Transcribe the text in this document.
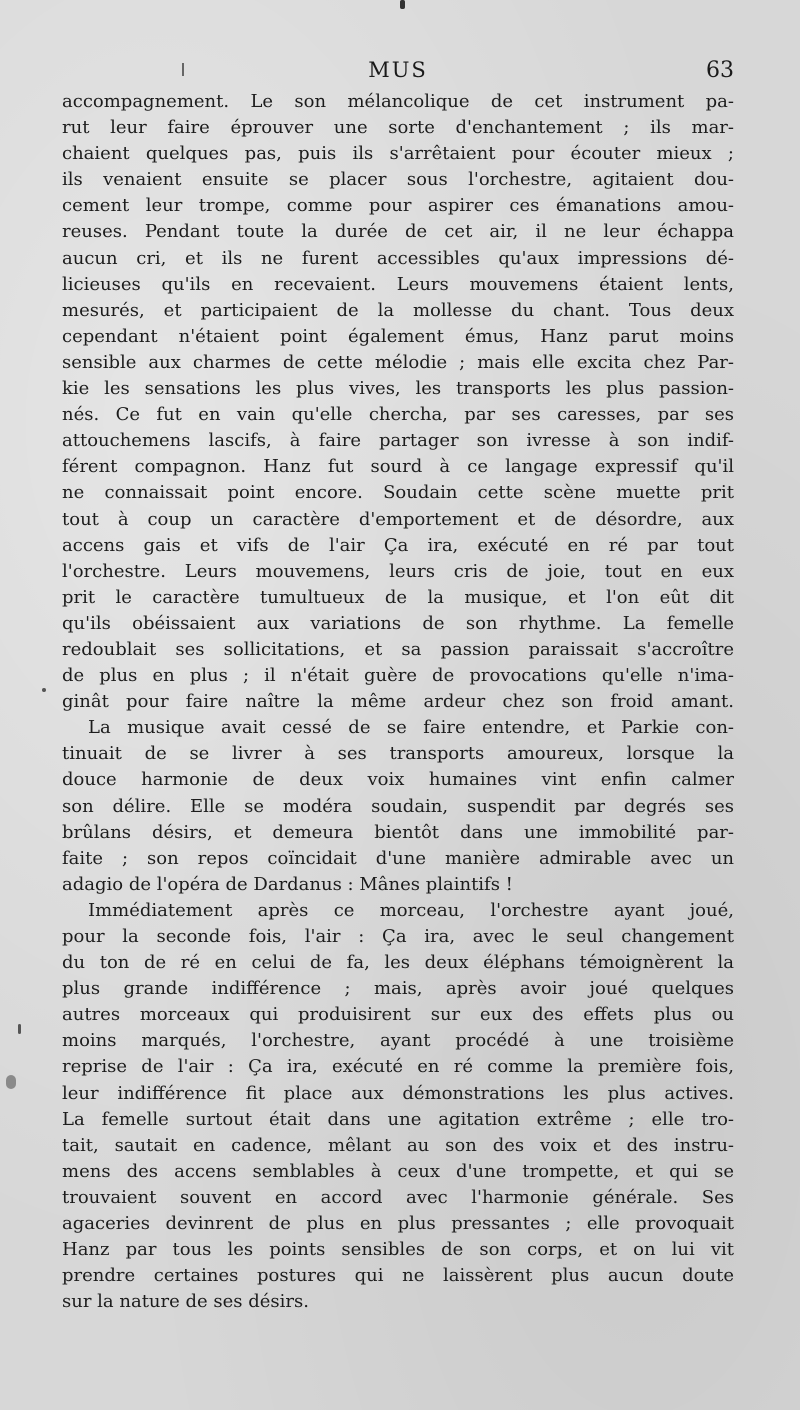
MUS	63
accompagnement. Le son mélancolique de cet instrument pa-
rut leur faire éprouver une sorte d'enchantement ; ils mar-
chaient quelques pas, puis ils s'arrêtaient pour écouter mieux ;
ils venaient ensuite se placer sous l'orchestre, agitaient dou-
cement leur trompe, comme pour aspirer ces émanations amou-
reuses. Pendant toute la durée de cet air, il ne leur échappa
aucun cri, et ils ne furent accessibles qu'aux impressions dé-
licieuses qu'ils en recevaient. Leurs mouvemens étaient lents,
mesurés, et participaient de la mollesse du chant. Tous deux
cependant n'étaient point également émus, Hanz parut moins
sensible aux charmes de cette mélodie ; mais elle excita chez Par-
kie les sensations les plus vives, les transports les plus passion-
nés. Ce fut en vain qu'elle chercha, par ses caresses, par ses
attouchemens lascifs, à faire partager son ivresse à son indif-
férent compagnon. Hanz fut sourd à ce langage expressif qu'il
ne connaissait point encore. Soudain cette scène muette prit
tout à coup un caractère d'emportement et de désordre, aux
accens gais et vifs de l'air Ça ira, exécuté en ré par tout
l'orchestre. Leurs mouvemens, leurs cris de joie, tout en eux
prit le caractère tumultueux de la musique, et l'on eût dit
qu'ils obéissaient aux variations de son rhythme. La femelle
redoublait ses sollicitations, et sa passion paraissait s'accroître
de plus en plus ; il n'était guère de provocations qu'elle n'ima-
ginât pour faire naître la même ardeur chez son froid amant.
La musique avait cessé de se faire entendre, et Parkie con-
tinuait de se livrer à ses transports amoureux, lorsque la
douce harmonie de deux voix humaines vint enfin calmer
son délire. Elle se modéra soudain, suspendit par degrés ses
brûlans désirs, et demeura bientôt dans une immobilité par-
faite ; son repos coïncidait d'une manière admirable avec un
adagio de l'opéra de Dardanus : Mânes plaintifs !
Immédiatement après ce morceau, l'orchestre ayant joué,
pour la seconde fois, l'air : Ça ira, avec le seul changement
du ton de ré en celui de fa, les deux éléphans témoignèrent la
plus grande indifférence ; mais, après avoir joué quelques
autres morceaux qui produisirent sur eux des effets plus ou
moins marqués, l'orchestre, ayant procédé à une troisième
reprise de l'air : Ça ira, exécuté en ré comme la première fois,
leur indifférence fit place aux démonstrations les plus actives.
La femelle surtout était dans une agitation extrême ; elle tro-
tait, sautait en cadence, mêlant au son des voix et des instru-
mens des accens semblables à ceux d'une trompette, et qui se
trouvaient souvent en accord avec l'harmonie générale. Ses
agaceries devinrent de plus en plus pressantes ; elle provoquait
Hanz par tous les points sensibles de son corps, et on lui vit
prendre certaines postures qui ne laissèrent plus aucun doute
sur la nature de ses désirs.
